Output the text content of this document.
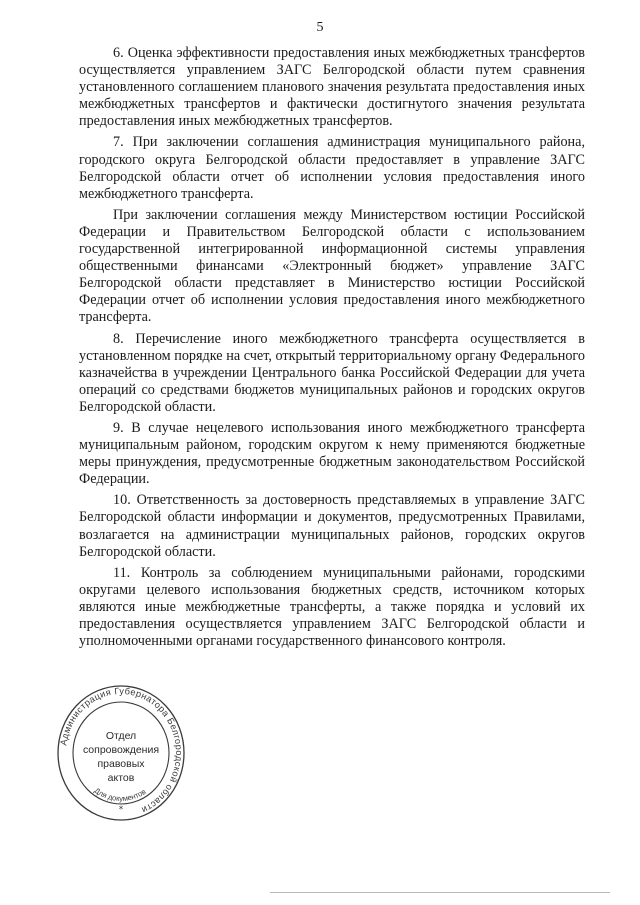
5

6. Оценка эффективности предоставления иных межбюджетных трансфертов осуществляется управлением ЗАГС Белгородской области путем сравнения установленного соглашением планового значения результата предоставления иных межбюджетных трансфертов и фактически достигнутого значения результата предоставления иных межбюджетных трансфертов.

7. При заключении соглашения администрация муниципального района, городского округа Белгородской области предоставляет в управление ЗАГС Белгородской области отчет об исполнении условия предоставления иного межбюджетного трансферта.

При заключении соглашения между Министерством юстиции Российской Федерации и Правительством Белгородской области с использованием государственной интегрированной информационной системы управления общественными финансами «Электронный бюджет» управление ЗАГС Белгородской области представляет в Министерство юстиции Российской Федерации отчет об исполнении условия предоставления иного межбюджетного трансферта.

8. Перечисление иного межбюджетного трансферта осуществляется в установленном порядке на счет, открытый территориальному органу Федерального казначейства в учреждении Центрального банка Российской Федерации для учета операций со средствами бюджетов муниципальных районов и городских округов Белгородской области.

9. В случае нецелевого использования иного межбюджетного трансферта муниципальным районом, городским округом к нему применяются бюджетные меры принуждения, предусмотренные бюджетным законодательством Российской Федерации.

10. Ответственность за достоверность представляемых в управление ЗАГС Белгородской области информации и документов, предусмотренных Правилами, возлагается на администрации муниципальных районов, городских округов Белгородской области.

11. Контроль за соблюдением муниципальными районами, городскими округами целевого использования бюджетных средств, источником которых являются иные межбюджетные трансферты, а также порядка и условий их предоставления осуществляется управлением ЗАГС Белгородской области и уполномоченными органами государственного финансового контроля.

Администрация Губернатора Белгородской области
Для документов
*
Отдел
сопровождения
правовых
актов
